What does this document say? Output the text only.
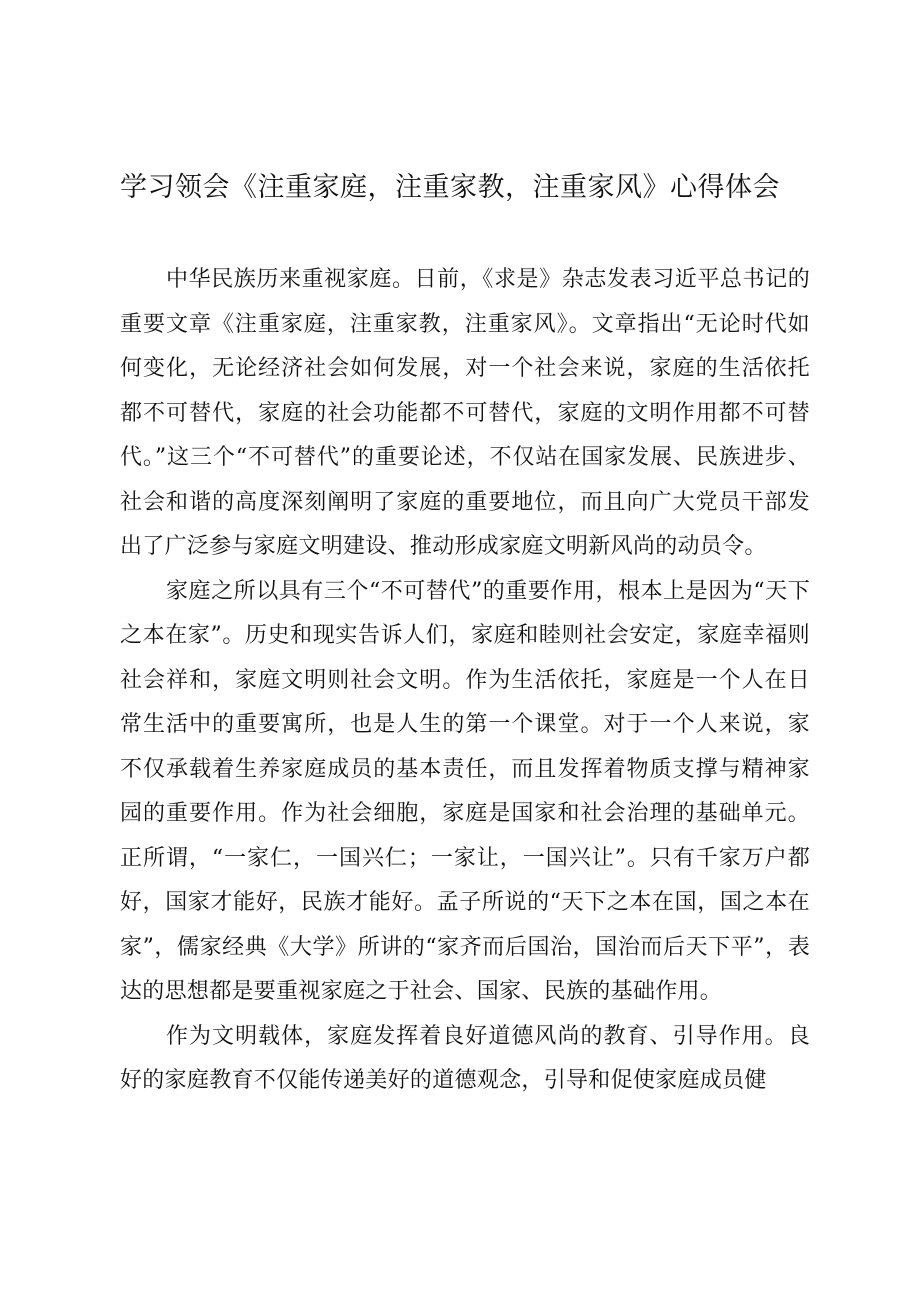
学习领会《注重家庭，注重家教，注重家风》心得体会

中华民族历来重视家庭。日前，《求是》杂志发表习近平总书记的重要文章《注重家庭，注重家教，注重家风》。文章指出“无论时代如何变化，无论经济社会如何发展，对一个社会来说，家庭的生活依托都不可替代，家庭的社会功能都不可替代，家庭的文明作用都不可替代。”这三个“不可替代”的重要论述，不仅站在国家发展、民族进步、社会和谐的高度深刻阐明了家庭的重要地位，而且向广大党员干部发出了广泛参与家庭文明建设、推动形成家庭文明新风尚的动员令。

家庭之所以具有三个“不可替代”的重要作用，根本上是因为“天下之本在家”。历史和现实告诉人们，家庭和睦则社会安定，家庭幸福则社会祥和，家庭文明则社会文明。作为生活依托，家庭是一个人在日常生活中的重要寓所，也是人生的第一个课堂。对于一个人来说，家不仅承载着生养家庭成员的基本责任，而且发挥着物质支撑与精神家园的重要作用。作为社会细胞，家庭是国家和社会治理的基础单元。正所谓，“一家仁，一国兴仁；一家让，一国兴让”。只有千家万户都好，国家才能好，民族才能好。孟子所说的“天下之本在国，国之本在家”，儒家经典《大学》所讲的“家齐而后国治，国治而后天下平”，表达的思想都是要重视家庭之于社会、国家、民族的基础作用。

作为文明载体，家庭发挥着良好道德风尚的教育、引导作用。良好的家庭教育不仅能传递美好的道德观念，引导和促使家庭成员健
